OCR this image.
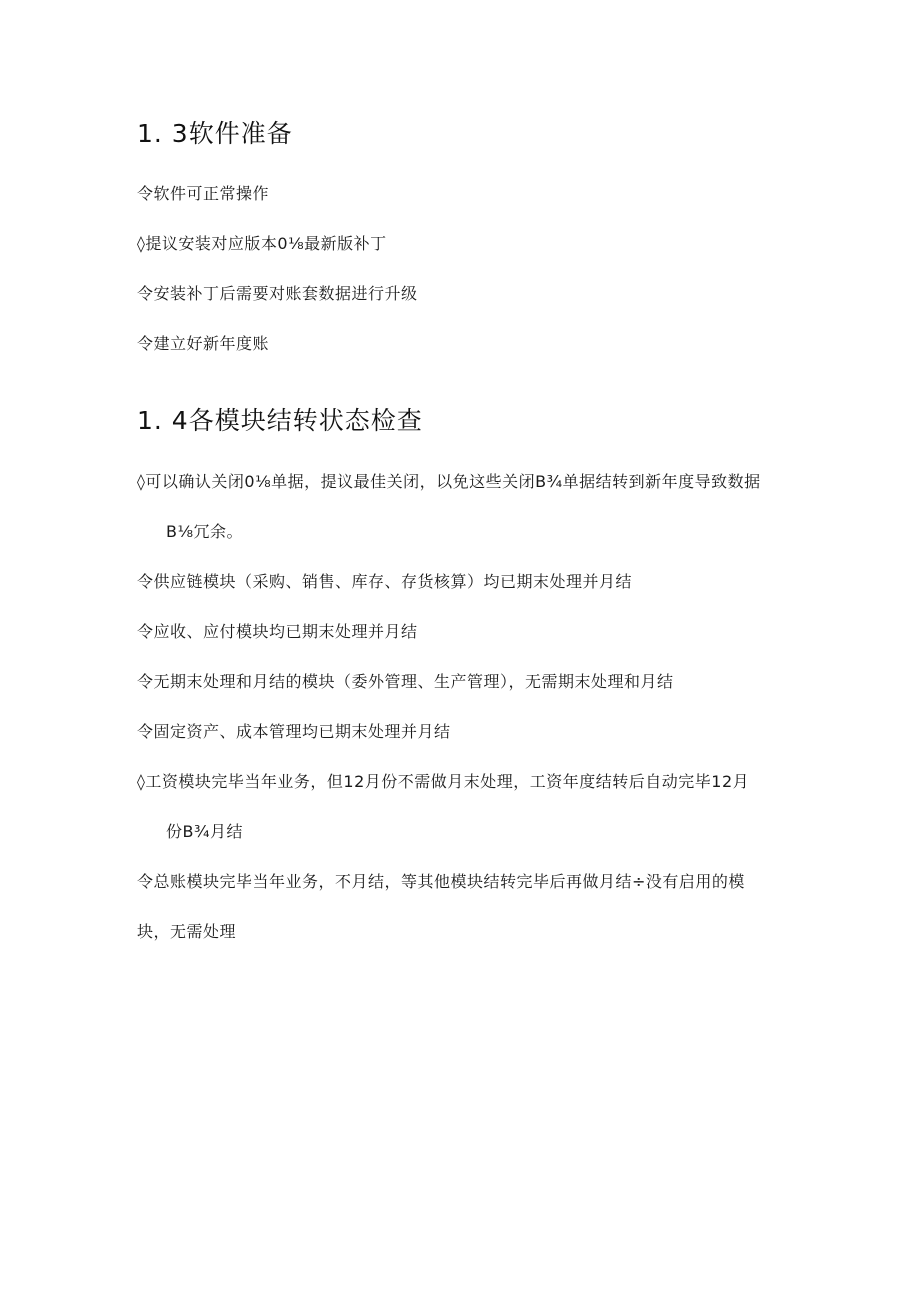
1. 3软件准备

令软件可正常操作

◊提议安装对应版本0⅛最新版补丁

令安装补丁后需要对账套数据进行升级

令建立好新年度账

1. 4各模块结转状态检查

◊可以确认关闭0⅛单据，提议最佳关闭，以免这些关闭B¾单据结转到新年度导致数据

B⅛冗余。

令供应链模块（采购、销售、库存、存货核算）均已期末处理并月结

令应收、应付模块均已期末处理并月结

令无期末处理和月结的模块（委外管理、生产管理），无需期末处理和月结

令固定资产、成本管理均已期末处理并月结

◊工资模块完毕当年业务，但12月份不需做月末处理，工资年度结转后自动完毕12月

份B¾月结

令总账模块完毕当年业务，不月结，等其他模块结转完毕后再做月结÷没有启用的模

块，无需处理
